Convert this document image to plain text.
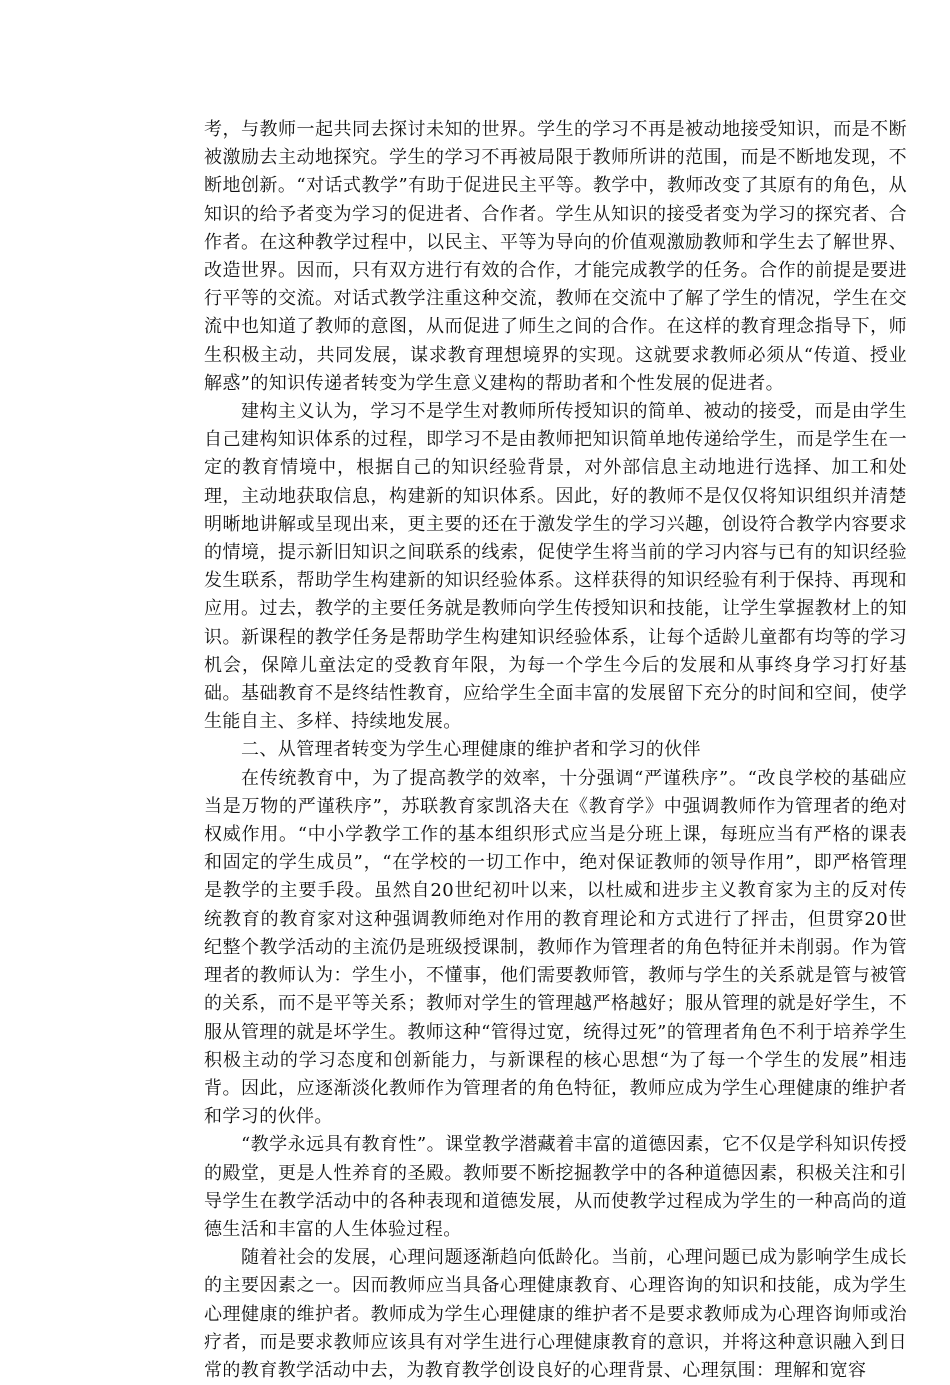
考，与教师一起共同去探讨未知的世界。学生的学习不再是被动地接受知识，而是不断被激励去主动地探究。学生的学习不再被局限于教师所讲的范围，而是不断地发现，不断地创新。“对话式教学”有助于促进民主平等。教学中，教师改变了其原有的角色，从知识的给予者变为学习的促进者、合作者。学生从知识的接受者变为学习的探究者、合作者。在这种教学过程中，以民主、平等为导向的价值观激励教师和学生去了解世界、改造世界。因而，只有双方进行有效的合作，才能完成教学的任务。合作的前提是要进行平等的交流。对话式教学注重这种交流，教师在交流中了解了学生的情况，学生在交流中也知道了教师的意图，从而促进了师生之间的合作。在这样的教育理念指导下，师生积极主动，共同发展，谋求教育理想境界的实现。这就要求教师必须从“传道、授业解惑”的知识传递者转变为学生意义建构的帮助者和个性发展的促进者。

建构主义认为，学习不是学生对教师所传授知识的简单、被动的接受，而是由学生自己建构知识体系的过程，即学习不是由教师把知识简单地传递给学生，而是学生在一定的教育情境中，根据自己的知识经验背景，对外部信息主动地进行选择、加工和处理，主动地获取信息，构建新的知识体系。因此，好的教师不是仅仅将知识组织并清楚明晰地讲解或呈现出来，更主要的还在于激发学生的学习兴趣，创设符合教学内容要求的情境，提示新旧知识之间联系的线索，促使学生将当前的学习内容与已有的知识经验发生联系，帮助学生构建新的知识经验体系。这样获得的知识经验有利于保持、再现和应用。过去，教学的主要任务就是教师向学生传授知识和技能，让学生掌握教材上的知识。新课程的教学任务是帮助学生构建知识经验体系，让每个适龄儿童都有均等的学习机会，保障儿童法定的受教育年限，为每一个学生今后的发展和从事终身学习打好基础。基础教育不是终结性教育，应给学生全面丰富的发展留下充分的时间和空间，使学生能自主、多样、持续地发展。

二、从管理者转变为学生心理健康的维护者和学习的伙伴

在传统教育中，为了提高教学的效率，十分强调“严谨秩序”。“改良学校的基础应当是万物的严谨秩序”，苏联教育家凯洛夫在《教育学》中强调教师作为管理者的绝对权威作用。“中小学教学工作的基本组织形式应当是分班上课，每班应当有严格的课表和固定的学生成员”，“在学校的一切工作中，绝对保证教师的领导作用”，即严格管理是教学的主要手段。虽然自20世纪初叶以来，以杜威和进步主义教育家为主的反对传统教育的教育家对这种强调教师绝对作用的教育理论和方式进行了抨击，但贯穿20世纪整个教学活动的主流仍是班级授课制，教师作为管理者的角色特征并未削弱。作为管理者的教师认为：学生小，不懂事，他们需要教师管，教师与学生的关系就是管与被管的关系，而不是平等关系；教师对学生的管理越严格越好；服从管理的就是好学生，不服从管理的就是坏学生。教师这种“管得过宽，统得过死”的管理者角色不利于培养学生积极主动的学习态度和创新能力，与新课程的核心思想“为了每一个学生的发展”相违背。因此，应逐渐淡化教师作为管理者的角色特征，教师应成为学生心理健康的维护者和学习的伙伴。

“教学永远具有教育性”。课堂教学潜藏着丰富的道德因素，它不仅是学科知识传授的殿堂，更是人性养育的圣殿。教师要不断挖掘教学中的各种道德因素，积极关注和引导学生在教学活动中的各种表现和道德发展，从而使教学过程成为学生的一种高尚的道德生活和丰富的人生体验过程。

随着社会的发展，心理问题逐渐趋向低龄化。当前，心理问题已成为影响学生成长的主要因素之一。因而教师应当具备心理健康教育、心理咨询的知识和技能，成为学生心理健康的维护者。教师成为学生心理健康的维护者不是要求教师成为心理咨询师或治疗者，而是要求教师应该具有对学生进行心理健康教育的意识，并将这种意识融入到日常的教育教学活动中去，为教育教学创设良好的心理背景、心理氛围：理解和宽容
